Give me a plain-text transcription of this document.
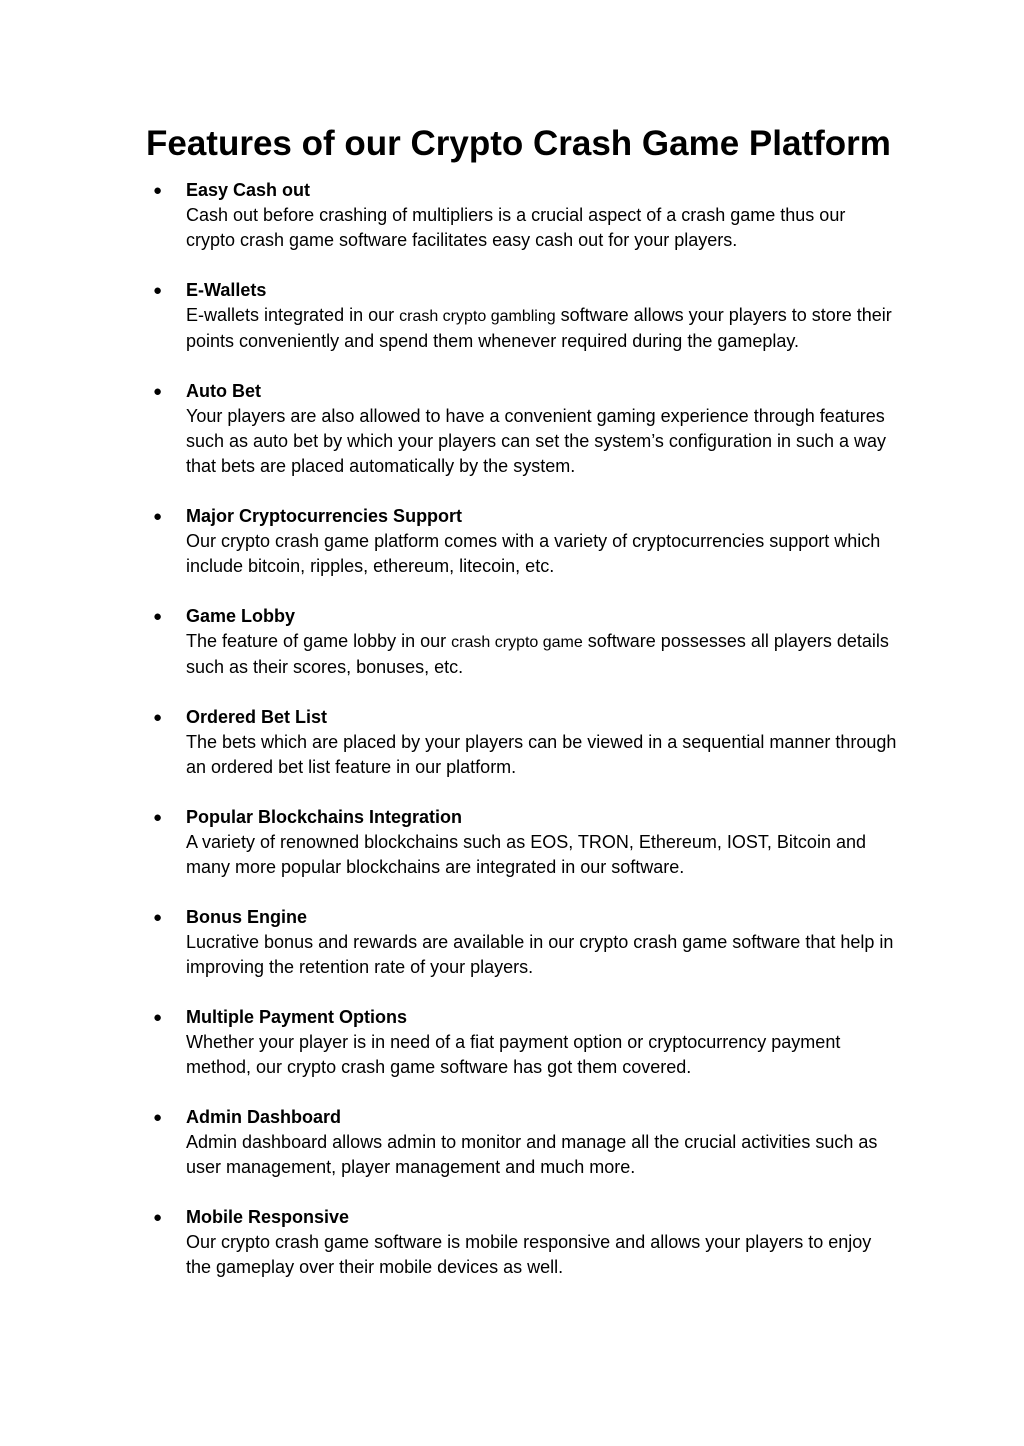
Features of our Crypto Crash Game Platform
● Easy Cash out
Cash out before crashing of multipliers is a crucial aspect of a crash game thus our crypto crash game software facilitates easy cash out for your players.
● E-Wallets
E-wallets integrated in our crash crypto gambling software allows your players to store their points conveniently and spend them whenever required during the gameplay.
● Auto Bet
Your players are also allowed to have a convenient gaming experience through features such as auto bet by which your players can set the system’s configuration in such a way that bets are placed automatically by the system.
● Major Cryptocurrencies Support
Our crypto crash game platform comes with a variety of cryptocurrencies support which include bitcoin, ripples, ethereum, litecoin, etc.
● Game Lobby
The feature of game lobby in our crash crypto game software possesses all players details such as their scores, bonuses, etc.
● Ordered Bet List
The bets which are placed by your players can be viewed in a sequential manner through an ordered bet list feature in our platform.
● Popular Blockchains Integration
A variety of renowned blockchains such as EOS, TRON, Ethereum, IOST, Bitcoin and many more popular blockchains are integrated in our software.
● Bonus Engine
Lucrative bonus and rewards are available in our crypto crash game software that help in improving the retention rate of your players.
● Multiple Payment Options
Whether your player is in need of a fiat payment option or cryptocurrency payment method, our crypto crash game software has got them covered.
● Admin Dashboard
Admin dashboard allows admin to monitor and manage all the crucial activities such as user management, player management and much more.
● Mobile Responsive
Our crypto crash game software is mobile responsive and allows your players to enjoy the gameplay over their mobile devices as well.
